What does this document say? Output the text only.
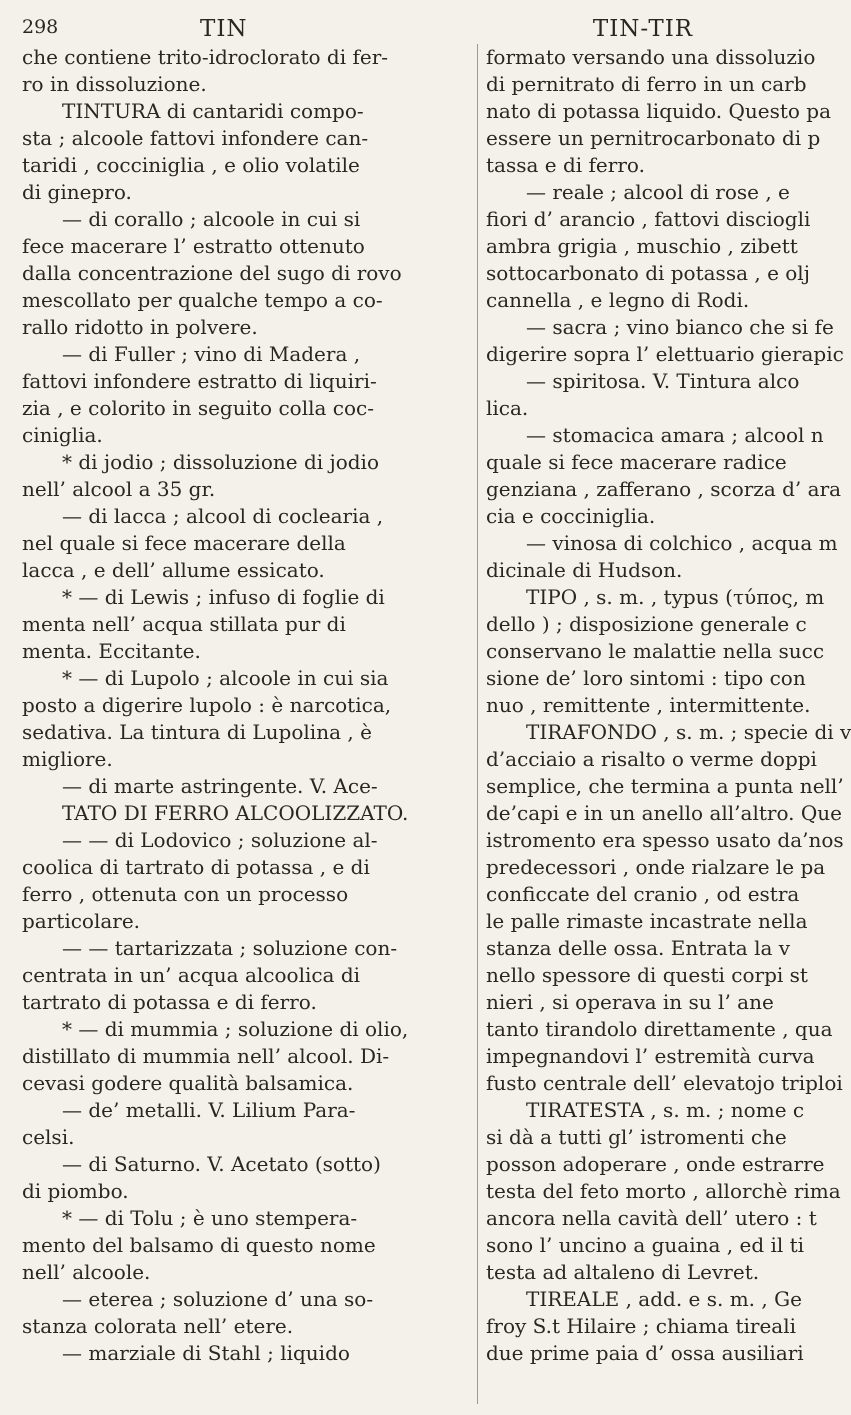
298	TIN	TIN-TIR
che contiene trito-idroclorato di fer-
ro in dissoluzione.
TINTURA di cantaridi compo-
sta ; alcoole fattovi infondere can-
taridi , cocciniglia , e olio volatile
di ginepro.
— di corallo ; alcoole in cui si
fece macerare l’ estratto ottenuto
dalla concentrazione del sugo di rovo
mescollato per qualche tempo a co-
rallo ridotto in polvere.
— di Fuller ; vino di Madera ,
fattovi infondere estratto di liquiri-
zia , e colorito in seguito colla coc-
ciniglia.
* di jodio ; dissoluzione di jodio
nell’ alcool a 35 gr.
— di lacca ; alcool di coclearia ,
nel quale si fece macerare della
lacca , e dell’ allume essicato.
* — di Lewis ; infuso di foglie di
menta nell’ acqua stillata pur di
menta. Eccitante.
* — di Lupolo ; alcoole in cui sia
posto a digerire lupolo : è narcotica,
sedativa. La tintura di Lupolina , è
migliore.
— di marte astringente. V. Ace-
TATO DI FERRO ALCOOLIZZATO.
— — di Lodovico ; soluzione al-
coolica di tartrato di potassa , e di
ferro , ottenuta con un processo
particolare.
— — tartarizzata ; soluzione con-
centrata in un’ acqua alcoolica di
tartrato di potassa e di ferro.
* — di mummia ; soluzione di olio,
distillato di mummia nell’ alcool. Di-
cevasi godere qualità balsamica.
— de’ metalli. V. Lilium Para-
celsi.
— di Saturno. V. Acetato (sotto)
di piombo.
* — di Tolu ; è uno stempera-
mento del balsamo di questo nome
nell’ alcoole.
— eterea ; soluzione d’ una so-
stanza colorata nell’ etere.
— marziale di Stahl ; liquido
formato versando una dissoluzio
di pernitrato di ferro in un carb
nato di potassa liquido. Questo pa
essere un pernitrocarbonato di p
tassa e di ferro.
— reale ; alcool di rose , e
fiori d’ arancio , fattovi disciogli
ambra grigia , muschio , zibett
sottocarbonato di potassa , e olj
cannella , e legno di Rodi.
— sacra ; vino bianco che si fe
digerire sopra l’ elettuario gierapic
— spiritosa. V. Tintura alco
lica.
— stomacica amara ; alcool n
quale si fece macerare radice
genziana , zafferano , scorza d’ ara
cia e cocciniglia.
— vinosa di colchico , acqua m
dicinale di Hudson.
TIPO , s. m. , typus (τύπος, m
dello ) ; disposizione generale c
conservano le malattie nella succ
sione de’ loro sintomi : tipo con
nuo , remittente , intermittente.
TIRAFONDO , s. m. ; specie di v
d’acciaio a risalto o verme doppi
semplice, che termina a punta nell’
de’capi e in un anello all’altro. Que
istromento era spesso usato da’nos
predecessori , onde rialzare le pa
conficcate del cranio , od estra
le palle rimaste incastrate nella
stanza delle ossa. Entrata la v
nello spessore di questi corpi st
nieri , si operava in su l’ ane
tanto tirandolo direttamente , qua
impegnandovi l’ estremità curva
fusto centrale dell’ elevatojo triploi
TIRATESTA , s. m. ; nome c
si dà a tutti gl’ istromenti che
posson adoperare , onde estrarre
testa del feto morto , allorchè rima
ancora nella cavità dell’ utero : t
sono l’ uncino a guaina , ed il ti
testa ad altaleno di Levret.
TIREALE , add. e s. m. , Ge
froy S.t Hilaire ; chiama tireali
due prime paia d’ ossa ausiliari
